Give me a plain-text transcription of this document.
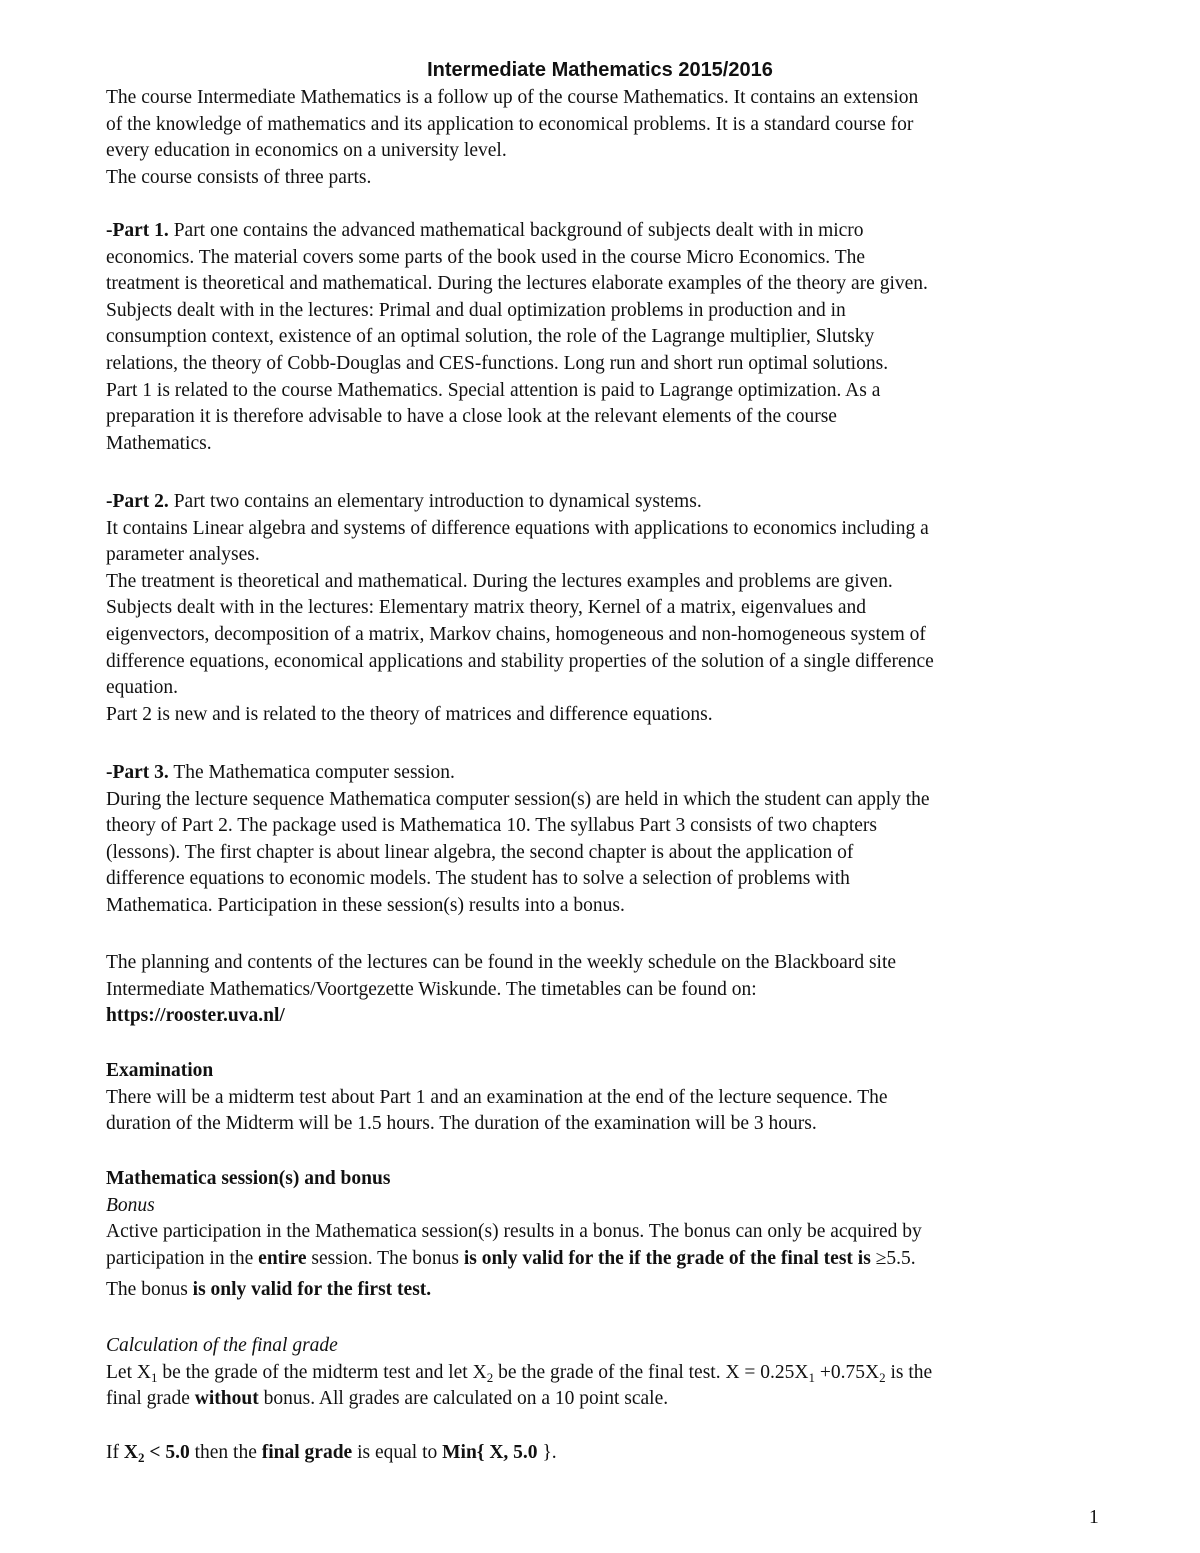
Intermediate Mathematics 2015/2016
The course Intermediate Mathematics is a follow up of the course Mathematics. It contains an extension
of the knowledge of mathematics and its application to economical problems. It is a standard course for
every education in economics on a university level.
The course consists of three parts.
-Part 1. Part one contains the advanced mathematical background of subjects dealt with in micro
economics. The material covers some parts of the book used in the course Micro Economics. The
treatment is theoretical and mathematical. During the lectures elaborate examples of the theory are given.
Subjects dealt with in the lectures: Primal and dual optimization problems in production and in
consumption context, existence of an optimal solution, the role of the Lagrange multiplier, Slutsky
relations, the theory of Cobb-Douglas and CES-functions. Long run and short run optimal solutions.
Part 1 is related to the course Mathematics. Special attention is paid to Lagrange optimization. As a
preparation it is therefore advisable to have a close look at the relevant elements of the course
Mathematics.
-Part 2. Part two contains an elementary introduction to dynamical systems.
It contains Linear algebra and systems of difference equations with applications to economics including a
parameter analyses.
The treatment is theoretical and mathematical. During the lectures examples and problems are given.
Subjects dealt with in the lectures: Elementary matrix theory, Kernel of a matrix, eigenvalues and
eigenvectors, decomposition of a matrix, Markov chains, homogeneous and non-homogeneous system of
difference equations, economical applications and stability properties of the solution of a single difference
equation.
Part 2 is new and is related to the theory of matrices and difference equations.
-Part 3. The Mathematica computer session.
During the lecture sequence Mathematica computer session(s) are held in which the student can apply the
theory of Part 2. The package used is Mathematica 10. The syllabus Part 3 consists of two chapters
(lessons). The first chapter is about linear algebra, the second chapter is about the application of
difference equations to economic models. The student has to solve a selection of problems with
Mathematica. Participation in these session(s) results into a bonus.
The planning and contents of the lectures can be found in the weekly schedule on the Blackboard site
Intermediate Mathematics/Voortgezette Wiskunde. The timetables can be found on:
https://rooster.uva.nl/
Examination
There will be a midterm test about Part 1 and an examination at the end of the lecture sequence. The
duration of the Midterm will be 1.5 hours. The duration of the examination will be 3 hours.
Mathematica session(s) and bonus
Bonus
Active participation in the Mathematica session(s) results in a bonus. The bonus can only be acquired by
participation in the entire session. The bonus is only valid for the if the grade of the final test is ≥5.5.
The bonus is only valid for the first test.
Calculation of the final grade
Let $X_1$ be the grade of the midterm test and let $X_2$ be the grade of the final test. $X = 0.25X_1 +0.75X_2$ is the
final grade without bonus. All grades are calculated on a 10 point scale.
If $X_2 < 5.0$ then the final grade is equal to Min{ X, 5.0 }.
1
